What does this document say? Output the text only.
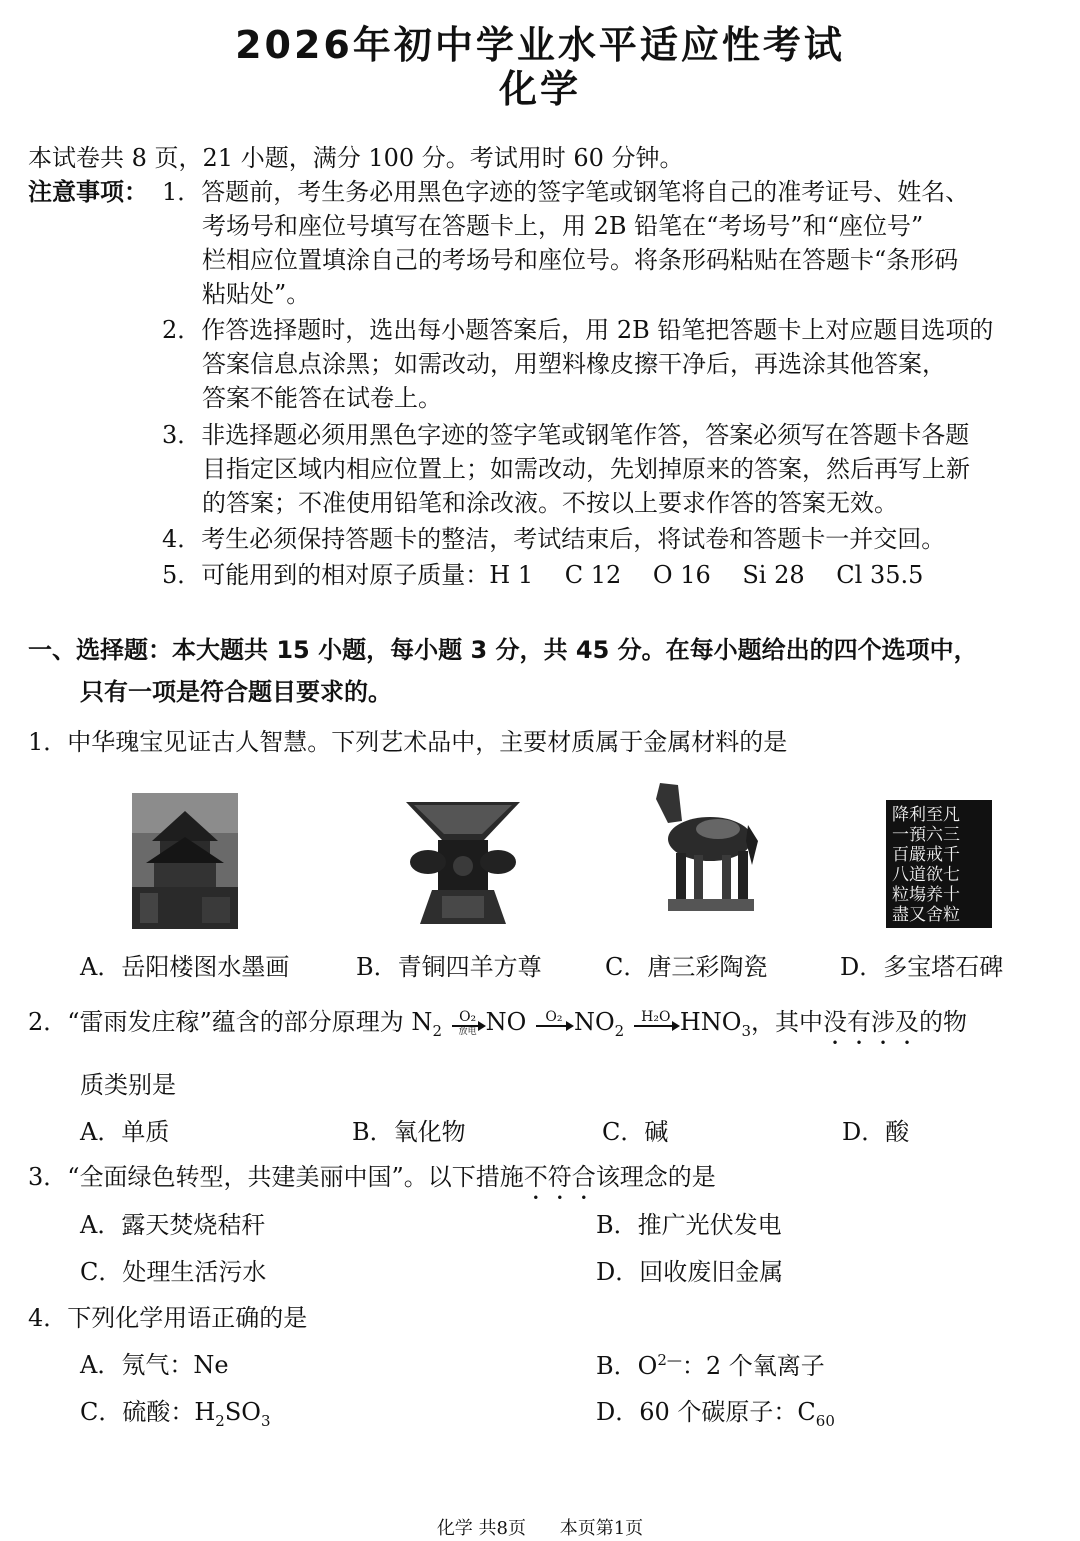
2026年初中学业水平适应性考试
化学
本试卷共 8 页，21 小题，满分 100 分。考试用时 60 分钟。
注意事项： 1．答题前，考生务必用黑色字迹的签字笔或钢笔将自己的准考证号、姓名、
考场号和座位号填写在答题卡上，用 2B 铅笔在“考场号”和“座位号”
栏相应位置填涂自己的考场号和座位号。将条形码粘贴在答题卡“条形码
粘贴处”。
2．作答选择题时，选出每小题答案后，用 2B 铅笔把答题卡上对应题目选项的
答案信息点涂黑；如需改动，用塑料橡皮擦干净后，再选涂其他答案，
答案不能答在试卷上。
3．非选择题必须用黑色字迹的签字笔或钢笔作答，答案必须写在答题卡各题
目指定区域内相应位置上；如需改动，先划掉原来的答案，然后再写上新
的答案；不准使用铅笔和涂改液。不按以上要求作答的答案无效。
4．考生必须保持答题卡的整洁，考试结束后，将试卷和答题卡一并交回。
5．可能用到的相对原子质量：H 1　 C 12　 O 16　 Si 28　 Cl 35.5
一、选择题：本大题共 15 小题，每小题 3 分，共 45 分。在每小题给出的四个选项中，
只有一项是符合题目要求的。
1．中华瑰宝见证古人智慧。下列艺术品中，主要材质属于金属材料的是
降利至凡一預六三百嚴戒千八道欲七粒塲养十盡又舍粒
A．岳阳楼图水墨画	B．青铜四羊方尊	C．唐三彩陶瓷	D．多宝塔石碑
2．“雷雨发庄稼”蕴含的部分原理为 $N_2$
O₂
放电 NO	O₂
$NO_2$
H₂O
$HNO_3$，其中没有涉及的物
质类别是
A．单质	B．氧化物	C．碱	D．酸
3．“全面绿色转型，共建美丽中国”。以下措施不符合该理念的是
A．露天焚烧秸秆	B．推广光伏发电
C．处理生活污水	D．回收废旧金属
4．下列化学用语正确的是
A．氖气：Ne	B．$O^{2—}$：2 个氧离子
C．硫酸：$H_2SO_3$	D．60 个碳原子：$C_{60}$
化学 共8页 本页第1页
